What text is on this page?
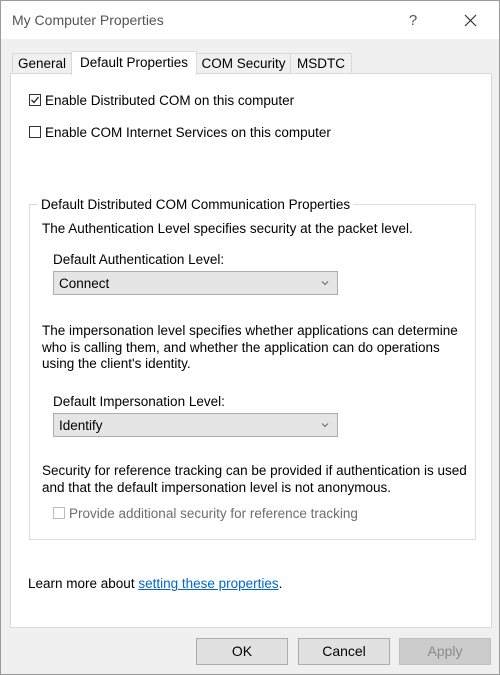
My Computer Properties	?
General	Default Properties COM Security MSDTC
Enable Distributed COM on this computer
Enable COM Internet Services on this computer
Default Distributed COM Communication Properties
The Authentication Level specifies security at the packet level.
Default Authentication Level:
Connect
The impersonation level specifies whether applications can determine
who is calling them, and whether the application can do operations
using the client's identity.
Default Impersonation Level:
Identify
Security for reference tracking can be provided if authentication is used
and that the default impersonation level is not anonymous.
Provide additional security for reference tracking
Learn more about setting these properties.
OK	Cancel	Apply
